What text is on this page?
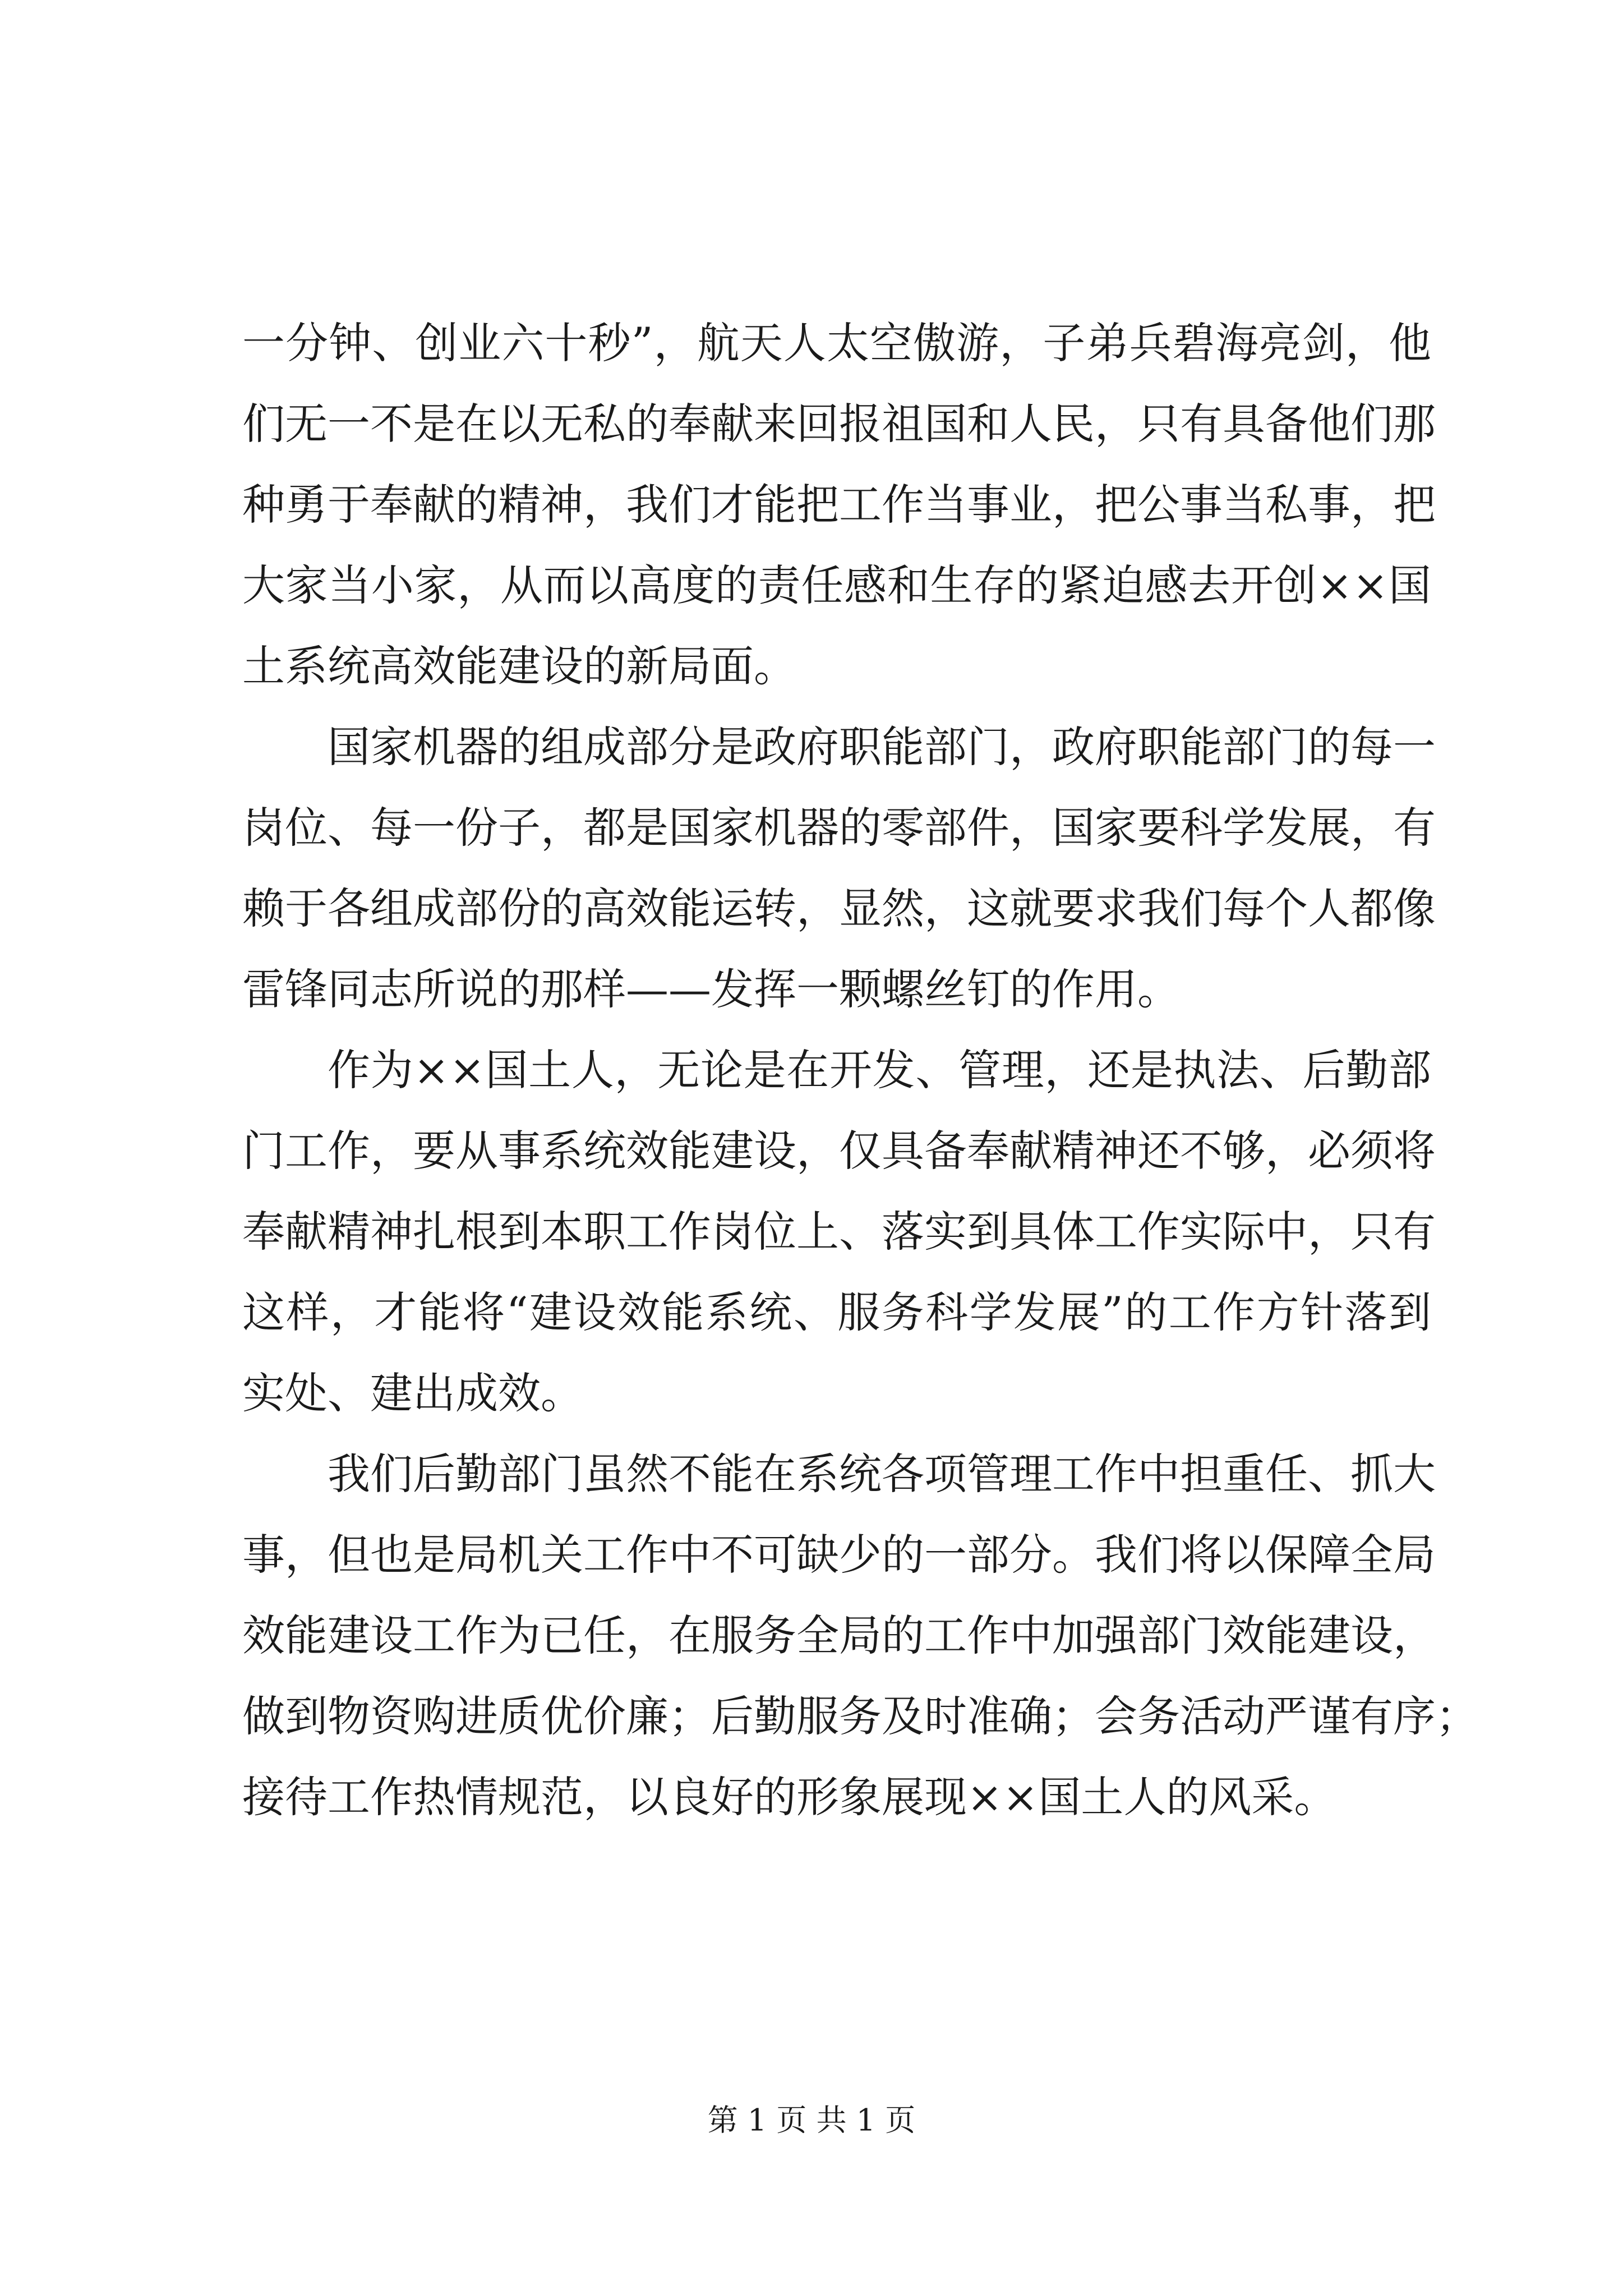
一分钟、创业六十秒”，航天人太空傲游，子弟兵碧海亮剑，他
们无一不是在以无私的奉献来回报祖国和人民，只有具备他们那
种勇于奉献的精神，我们才能把工作当事业，把公事当私事，把
大家当小家，从而以高度的责任感和生存的紧迫感去开创××国
土系统高效能建设的新局面。
国家机器的组成部分是政府职能部门，政府职能部门的每一
岗位、每一份子，都是国家机器的零部件，国家要科学发展，有
赖于各组成部份的高效能运转，显然，这就要求我们每个人都像
雷锋同志所说的那样——发挥一颗螺丝钉的作用。
作为××国土人，无论是在开发、管理，还是执法、后勤部
门工作，要从事系统效能建设，仅具备奉献精神还不够，必须将
奉献精神扎根到本职工作岗位上、落实到具体工作实际中，只有
这样，才能将“建设效能系统、服务科学发展”的工作方针落到
实处、建出成效。
我们后勤部门虽然不能在系统各项管理工作中担重任、抓大
事，但也是局机关工作中不可缺少的一部分。我们将以保障全局
效能建设工作为已任，在服务全局的工作中加强部门效能建设，
做到物资购进质优价廉；后勤服务及时准确；会务活动严谨有序；
接待工作热情规范，以良好的形象展现××国土人的风采。
第 1 页 共 1 页
